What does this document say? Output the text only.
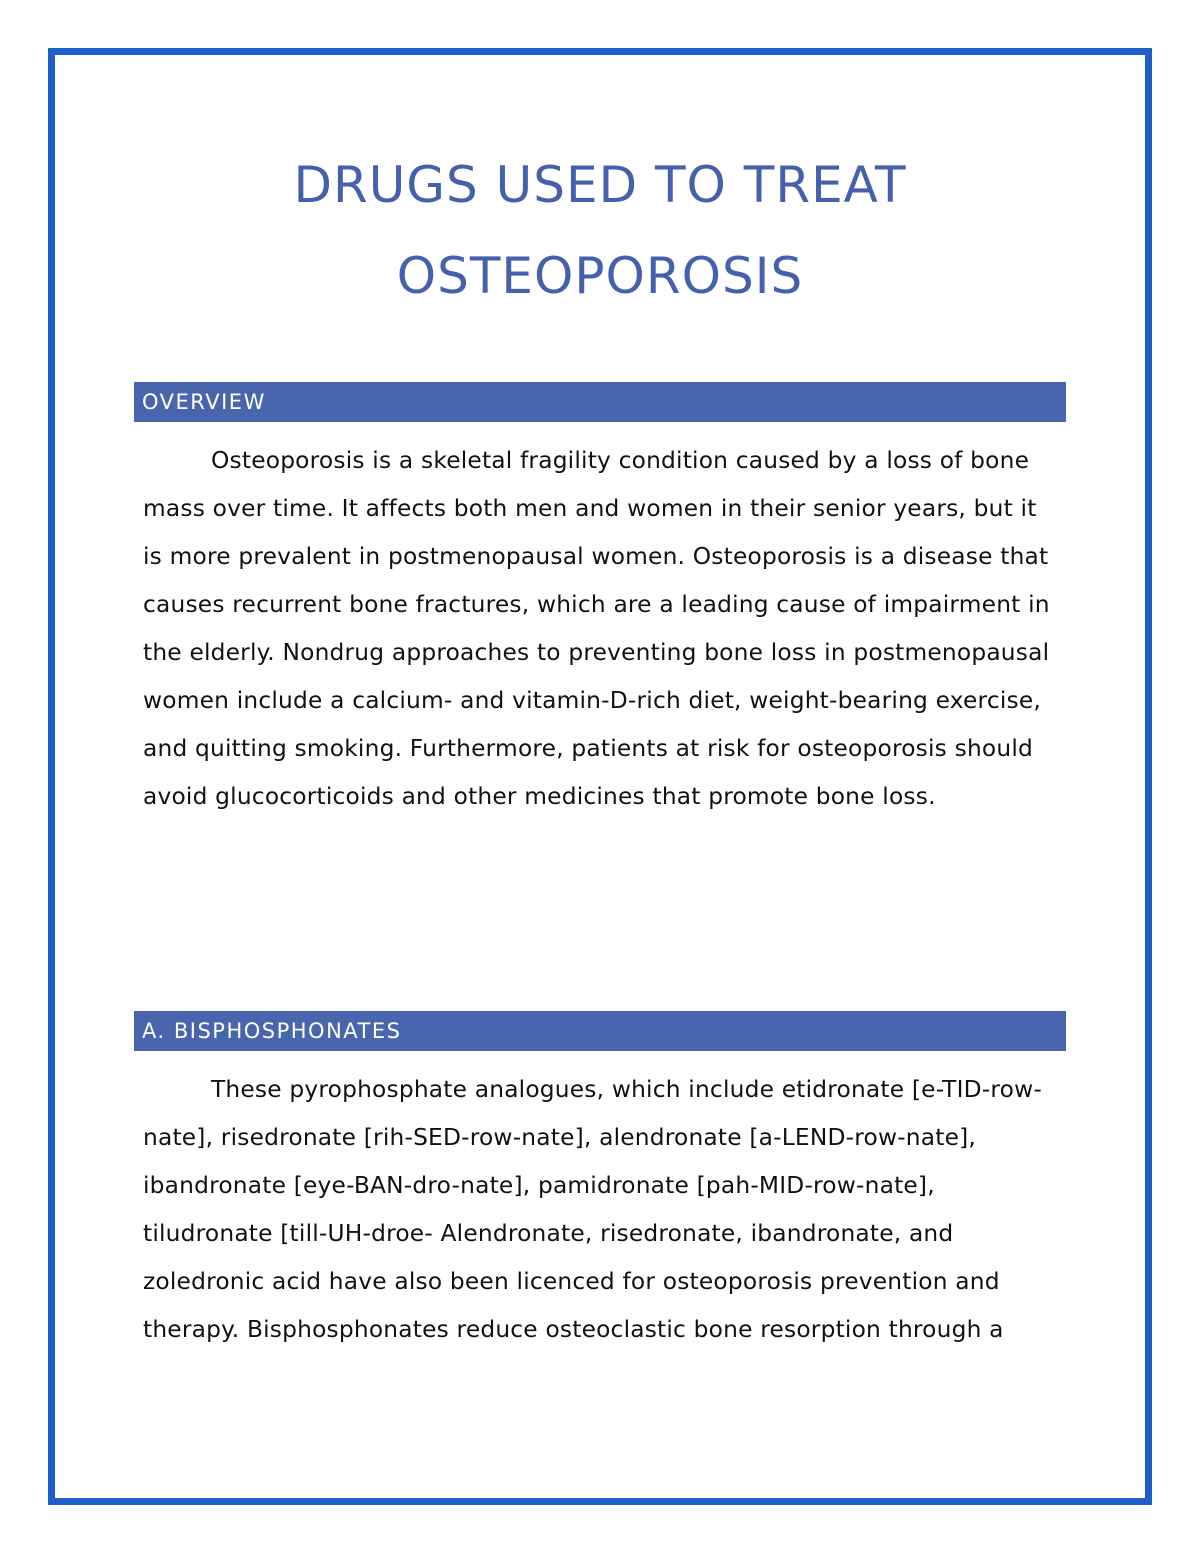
DRUGS USED TO TREAT
OSTEOPOROSIS
OVERVIEW

Osteoporosis is a skeletal fragility condition caused by a loss of bone mass over time. It affects both men and women in their senior years, but it is more prevalent in postmenopausal women. Osteoporosis is a disease that causes recurrent bone fractures, which are a leading cause of impairment in the elderly. Nondrug approaches to preventing bone loss in postmenopausal women include a calcium- and vitamin-D-rich diet, weight-bearing exercise, and quitting smoking. Furthermore, patients at risk for osteoporosis should avoid glucocorticoids and other medicines that promote bone loss.

A. BISPHOSPHONATES

These pyrophosphate analogues, which include etidronate [e-TID-row-nate], risedronate [rih-SED-row-nate], alendronate [a-LEND-row-nate], ibandronate [eye-BAN-dro-nate], pamidronate [pah-MID-row-nate], tiludronate [till-UH-droe- Alendronate, risedronate, ibandronate, and zoledronic acid have also been licenced for osteoporosis prevention and therapy. Bisphosphonates reduce osteoclastic bone resorption through a
